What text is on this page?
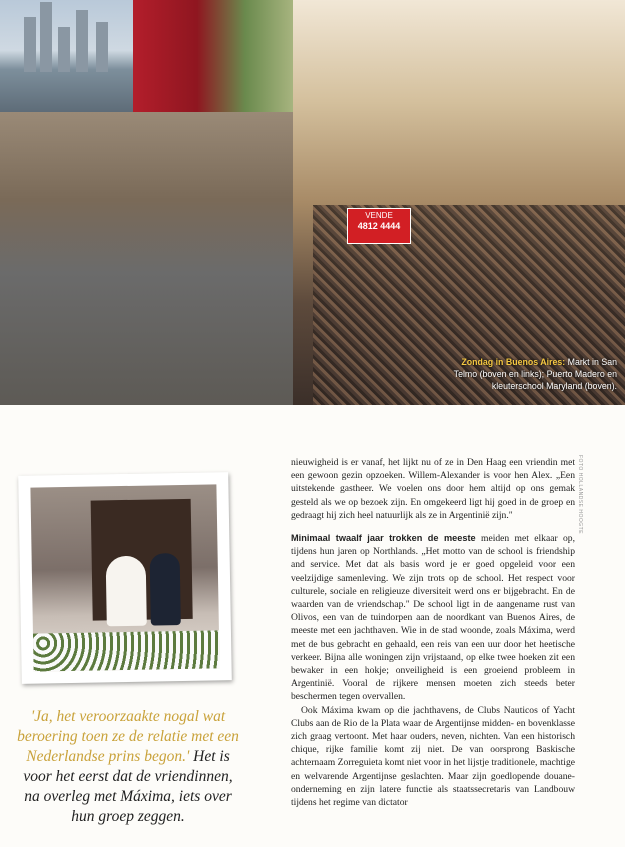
VENDE
4812 4444
Zondag in Buenos Aires: Markt in San Telmo (boven en links); Puerto Madero en kleuterschool Maryland (boven).
FOTO HOLLANDSE HOOGTE
'Ja, het veroorzaakte nogal wat beroering toen ze de relatie met een Nederlandse prins begon.' Het is voor het eerst dat de vriendinnen, na overleg met Máxima, iets over hun groep zeggen.

nieuwigheid is er vanaf, het lijkt nu of ze in Den Haag een vriendin met een gewoon gezin opzoeken. Willem-Alexander is voor hen Alex. „Een uitstekende gastheer. We voelen ons door hem altijd op ons gemak gesteld als we op bezoek zijn. En omgekeerd ligt hij goed in de groep en gedraagt hij zich heel natuurlijk als ze in Argentinië zijn."

Minimaal twaalf jaar trokken de meeste meiden met elkaar op, tijdens hun jaren op Northlands. „Het motto van de school is friendship and service. Met dat als basis word je er goed opgeleid voor een veelzijdige samenleving. We zijn trots op de school. Het respect voor culturele, sociale en religieuze diversiteit werd ons er bijgebracht. En de waarden van de vriendschap." De school ligt in de aangename rust van Olivos, een van de tuindorpen aan de noordkant van Buenos Aires, de meeste met een jachthaven. Wie in de stad woonde, zoals Máxima, werd met de bus gebracht en gehaald, een reis van een uur door het heetische verkeer. Bijna alle woningen zijn vrijstaand, op elke twee hoeken zit een bewaker in een hokje; onveiligheid is een groeiend probleem in Argentinië. Vooral de rijkere mensen moeten zich steeds beter beschermen tegen overvallen.

Ook Máxima kwam op die jachthavens, de Clubs Nauticos of Yacht Clubs aan de Rio de la Plata waar de Argentijnse midden- en bovenklasse zich graag vertoont. Met haar ouders, neven, nichten. Van een historisch chique, rijke familie komt zij niet. De van oorsprong Baskische achternaam Zorreguieta komt niet voor in het lijstje traditionele, machtige en welvarende Argentijnse geslachten. Maar zijn goedlopende douane-onderneming en zijn latere functie als staatssecretaris van Landbouw tijdens het regime van dictator
